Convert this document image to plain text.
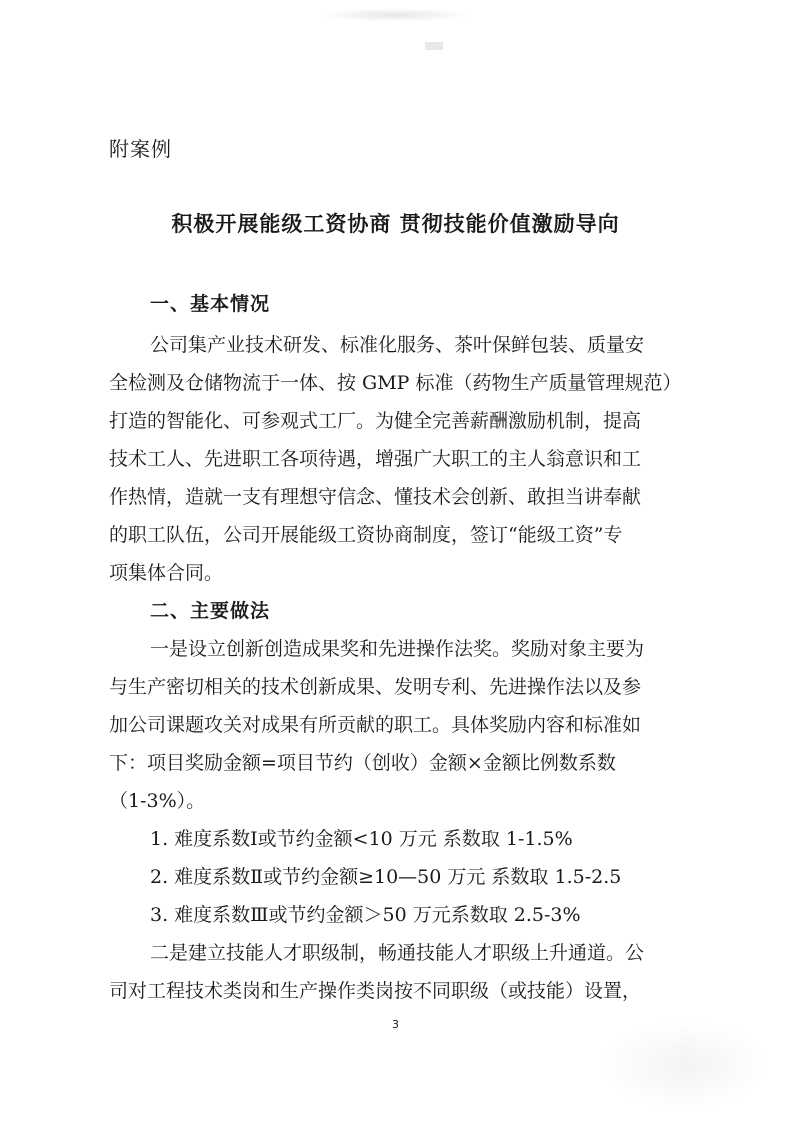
附案例
积极开展能级工资协商 贯彻技能价值激励导向
一、基本情况
公司集产业技术研发、标准化服务、茶叶保鲜包装、质量安
全检测及仓储物流于一体、按 GMP 标准（药物生产质量管理规范）
打造的智能化、可参观式工厂。为健全完善薪酬激励机制，提高
技术工人、先进职工各项待遇，增强广大职工的主人翁意识和工
作热情，造就一支有理想守信念、懂技术会创新、敢担当讲奉献
的职工队伍，公司开展能级工资协商制度，签订“能级工资”专
项集体合同。
二、主要做法
一是设立创新创造成果奖和先进操作法奖。奖励对象主要为
与生产密切相关的技术创新成果、发明专利、先进操作法以及参
加公司课题攻关对成果有所贡献的职工。具体奖励内容和标准如
下：项目奖励金额=项目节约（创收）金额×金额比例数系数
（1-3%）。
1. 难度系数Ⅰ或节约金额<10 万元 系数取 1-1.5%
2. 难度系数Ⅱ或节约金额≥10—50 万元 系数取 1.5-2.5
3. 难度系数Ⅲ或节约金额＞50 万元系数取 2.5-3%
二是建立技能人才职级制，畅通技能人才职级上升通道。公
司对工程技术类岗和生产操作类岗按不同职级（或技能）设置，
3
